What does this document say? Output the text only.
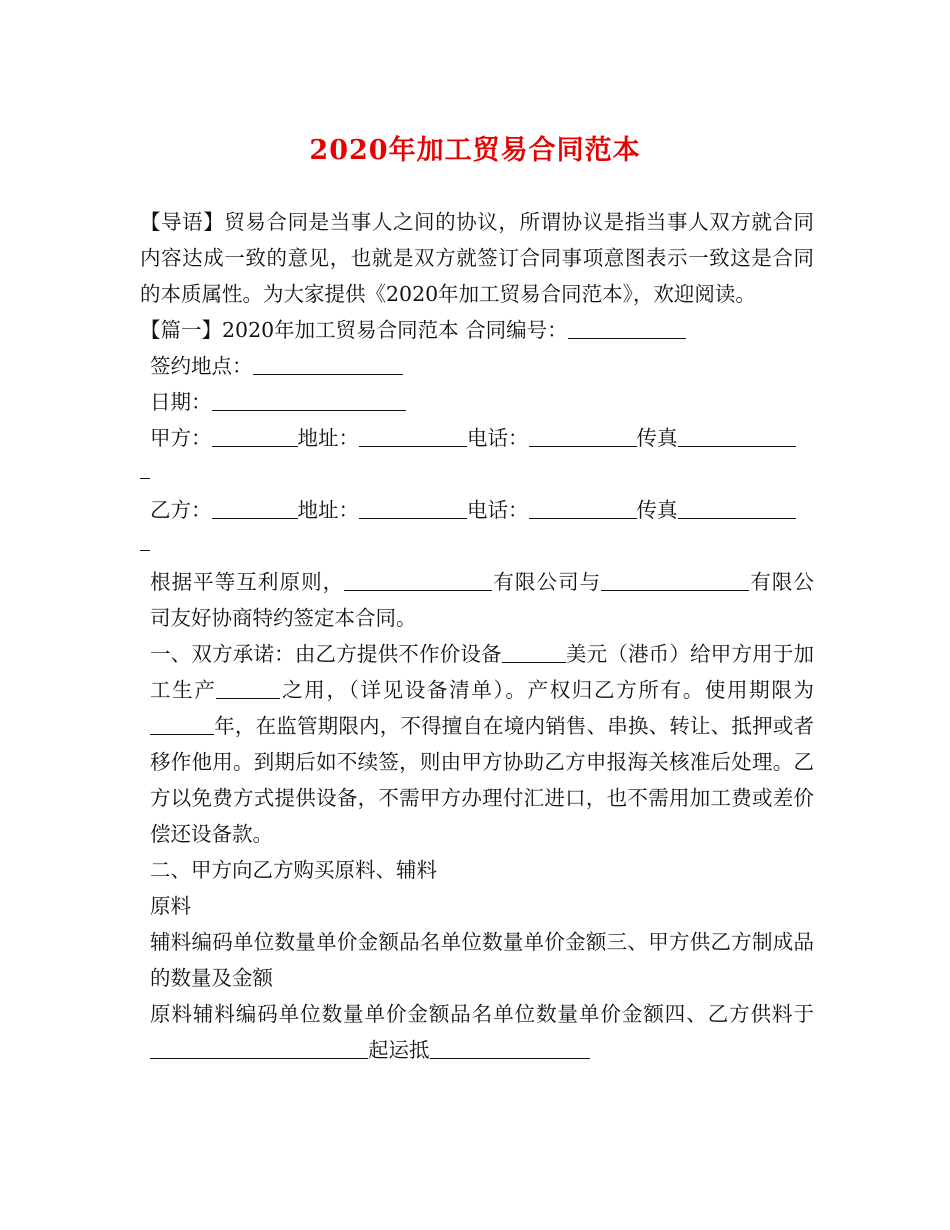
2020年加工贸易合同范本

【导语】贸易合同是当事人之间的协议，所谓协议是指当事人双方就合同内容达成一致的意见，也就是双方就签订合同事项意图表示一致这是合同的本质属性。为大家提供《2020年加工贸易合同范本》，欢迎阅读。

【篇一】2020年加工贸易合同范本 合同编号：

签约地点：

日期：

甲方：	地址：	电话：	传真

乙方：	地址：	电话：	传真

根据平等互利原则，	有限公司与	有限公司友好协商特约签定本合同。

一、双方承诺：由乙方提供不作价设备	美元（港币）给甲方用于加工生产	之用，（详见设备清单）。产权归乙方所有。使用期限为年，在监管期限内，不得擅自在境内销售、串换、转让、抵押或者移作他用。到期后如不续签，则由甲方协助乙方申报海关核准后处理。乙方以免费方式提供设备，不需甲方办理付汇进口，也不需用加工费或差价偿还设备款。

二、甲方向乙方购买原料、辅料

原料

辅料编码单位数量单价金额品名单位数量单价金额三、甲方供乙方制成品的数量及金额

原料辅料编码单位数量单价金额品名单位数量单价金额四、乙方供料于起运抵
